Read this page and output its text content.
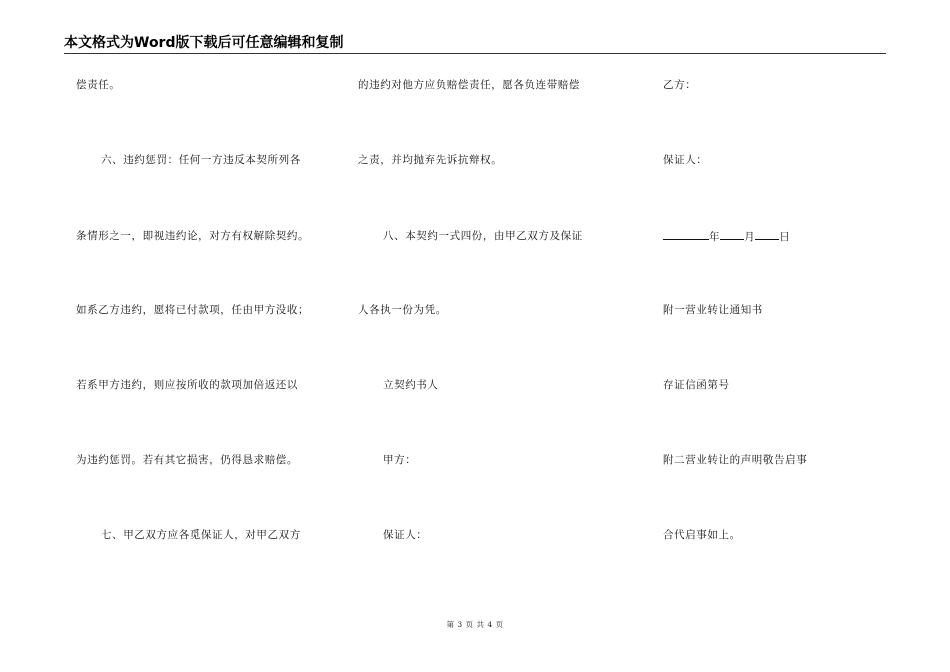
本文格式为Word版下载后可任意编辑和复制
偿责任。
六、违约惩罚：任何一方违反本契所列各
条情形之一，即视违约论，对方有权解除契约。
如系乙方违约，愿将已付款项，任由甲方没收；
若系甲方违约，则应按所收的款项加倍返还以
为违约惩罚。若有其它损害，仍得恳求赔偿。
七、甲乙双方应各觅保证人，对甲乙双方
的违约对他方应负赔偿责任，愿各负连带赔偿
之责，并均抛弃先诉抗辩权。
八、本契约一式四份，由甲乙双方及保证
人各执一份为凭。
立契约书人
甲方：
保证人：
乙方：
保证人：
年 月 日
附一营业转让通知书
存证信函第号
附二营业转让的声明敬告启事
合代启事如上。
第 3 页 共 4 页
